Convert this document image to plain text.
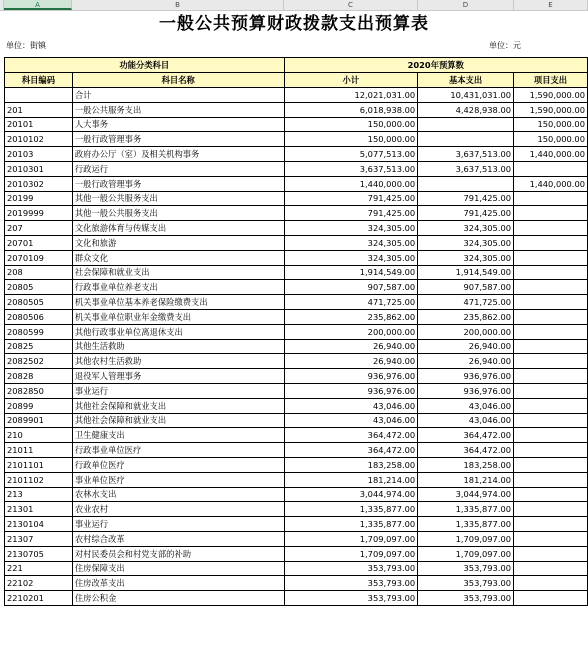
A	B	C	D	E
一般公共预算财政拨款支出预算表
单位：街镇	单位：元
功能分类科目		2020年预算数		
科目编码	科目名称	小计	基本支出	项目支出
	合计	12,021,031.00	10,431,031.00	1,590,000.00
201	一般公共服务支出	6,018,938.00	4,428,938.00	1,590,000.00
20101	人大事务	150,000.00		150,000.00
2010102	一般行政管理事务	150,000.00		150,000.00
20103	政府办公厅（室）及相关机构事务	5,077,513.00	3,637,513.00	1,440,000.00
2010301	行政运行	3,637,513.00	3,637,513.00	
2010302	一般行政管理事务	1,440,000.00		1,440,000.00
20199	其他一般公共服务支出	791,425.00	791,425.00	
2019999	其他一般公共服务支出	791,425.00	791,425.00	
207	文化旅游体育与传媒支出	324,305.00	324,305.00	
20701	文化和旅游	324,305.00	324,305.00	
2070109	群众文化	324,305.00	324,305.00	
208	社会保障和就业支出	1,914,549.00	1,914,549.00	
20805	行政事业单位养老支出	907,587.00	907,587.00	
2080505	机关事业单位基本养老保险缴费支出	471,725.00	471,725.00	
2080506	机关事业单位职业年金缴费支出	235,862.00	235,862.00	
2080599	其他行政事业单位离退休支出	200,000.00	200,000.00	
20825	其他生活救助	26,940.00	26,940.00	
2082502	其他农村生活救助	26,940.00	26,940.00	
20828	退役军人管理事务	936,976.00	936,976.00	
2082850	事业运行	936,976.00	936,976.00	
20899	其他社会保障和就业支出	43,046.00	43,046.00	
2089901	其他社会保障和就业支出	43,046.00	43,046.00	
210	卫生健康支出	364,472.00	364,472.00	
21011	行政事业单位医疗	364,472.00	364,472.00	
2101101	行政单位医疗	183,258.00	183,258.00	
2101102	事业单位医疗	181,214.00	181,214.00	
213	农林水支出	3,044,974.00	3,044,974.00	
21301	农业农村	1,335,877.00	1,335,877.00	
2130104	事业运行	1,335,877.00	1,335,877.00	
21307	农村综合改革	1,709,097.00	1,709,097.00	
2130705	对村民委员会和村党支部的补助	1,709,097.00	1,709,097.00	
221	住房保障支出	353,793.00	353,793.00	
22102	住房改革支出	353,793.00	353,793.00	
2210201	住房公积金	353,793.00	353,793.00	
